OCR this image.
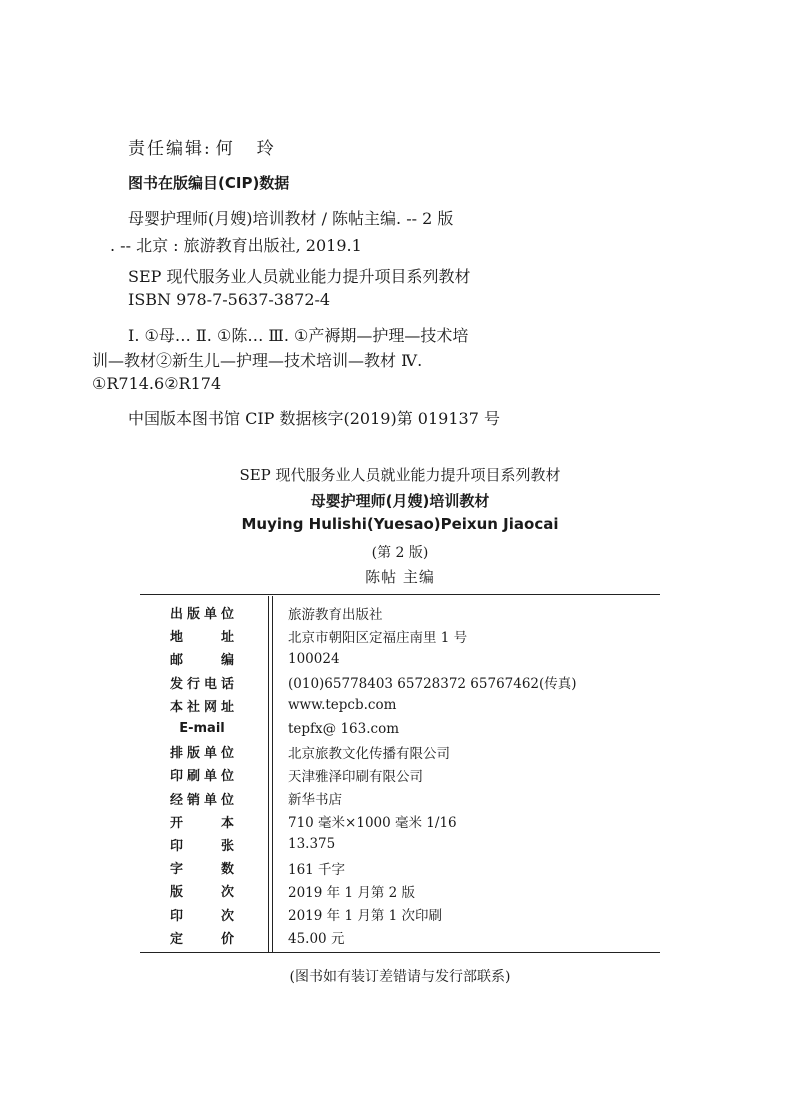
责任编辑: 何 玲
图书在版编目(CIP)数据
母婴护理师(月嫂)培训教材 / 陈帖主编. -- 2 版
. -- 北京 : 旅游教育出版社, 2019.1
SEP 现代服务业人员就业能力提升项目系列教材
ISBN 978-7-5637-3872-4
Ⅰ. ①母… Ⅱ. ①陈… Ⅲ. ①产褥期—护理—技术培
训—教材②新生儿—护理—技术培训—教材 Ⅳ.
①R714.6②R174
中国版本图书馆 CIP 数据核字(2019)第 019137 号
SEP 现代服务业人员就业能力提升项目系列教材
母婴护理师(月嫂)培训教材
Muying Hulishi(Yuesao)Peixun Jiaocai
(第 2 版)
陈帖 主编
出 版 单 位	旅游教育出版社
地	址	北京市朝阳区定福庄南里 1 号
邮	编	100024
发 行 电 话	(010)65778403 65728372 65767462(传真)
本 社 网 址	www.tepcb.com
E-mail	tepfx@ 163.com
排 版 单 位	北京旅教文化传播有限公司
印 刷 单 位	天津雅泽印刷有限公司
经 销 单 位	新华书店
开	本	710 毫米×1000 毫米 1/16
印	张	13.375
字	数	161 千字
版	次	2019 年 1 月第 2 版
印	次	2019 年 1 月第 1 次印刷
定	价	45.00 元
(图书如有装订差错请与发行部联系)
